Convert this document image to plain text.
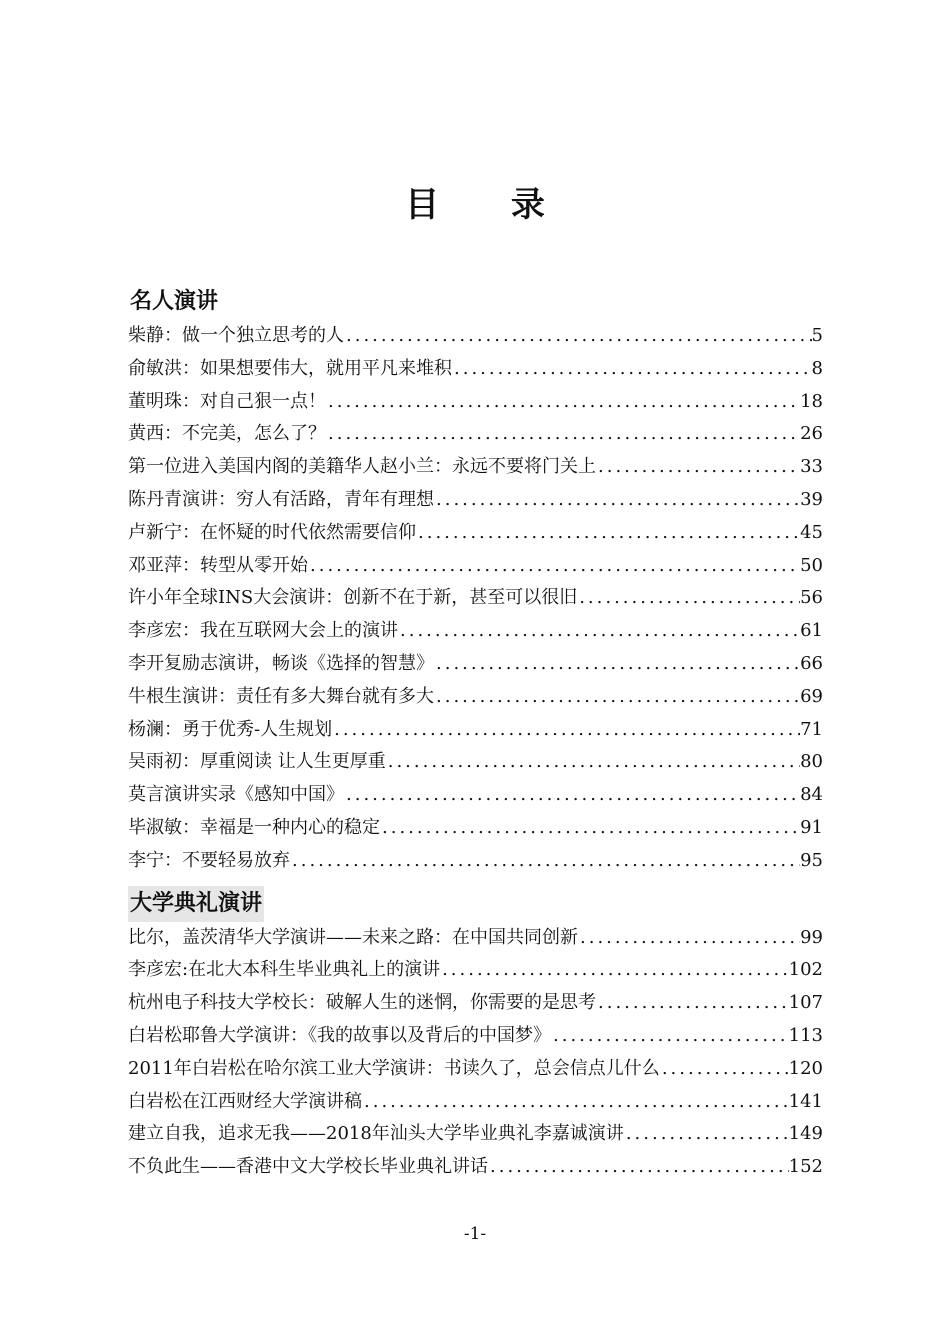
目 录
名人演讲
柴静：做一个独立思考的人 .....	5
俞敏洪：如果想要伟大，就用平凡来堆积 .....	8
董明珠：对自己狠一点！ .....	18
黄西：不完美，怎么了？ .....	26
第一位进入美国内阁的美籍华人赵小兰：永远不要将门关上 .....	33
陈丹青演讲：穷人有活路，青年有理想 .....	39
卢新宁：在怀疑的时代依然需要信仰 .....	45
邓亚萍：转型从零开始 .....	50
许小年全球INS大会演讲：创新不在于新，甚至可以很旧 .....	56
李彦宏：我在互联网大会上的演讲 .....	61
李开复励志演讲，畅谈《选择的智慧》 .....	66
牛根生演讲：责任有多大舞台就有多大 .....	69
杨澜：勇于优秀-人生规划 .....	71
吴雨初：厚重阅读 让人生更厚重 .....	80
莫言演讲实录《感知中国》 .....	84
毕淑敏：幸福是一种内心的稳定 .....	91
李宁：不要轻易放弃 .....	95
大学典礼演讲
比尔，盖茨清华大学演讲——未来之路：在中国共同创新 .....	99
李彦宏:在北大本科生毕业典礼上的演讲 .....	102
杭州电子科技大学校长：破解人生的迷惘，你需要的是思考 .....	107
白岩松耶鲁大学演讲：《我的故事以及背后的中国梦》 .....	113
2011年白岩松在哈尔滨工业大学演讲：书读久了，总会信点儿什么 .....	120
白岩松在江西财经大学演讲稿 .....	141
建立自我，追求无我——2018年汕头大学毕业典礼李嘉诚演讲 .....	149
不负此生——香港中文大学校长毕业典礼讲话 .....	152
-1-
